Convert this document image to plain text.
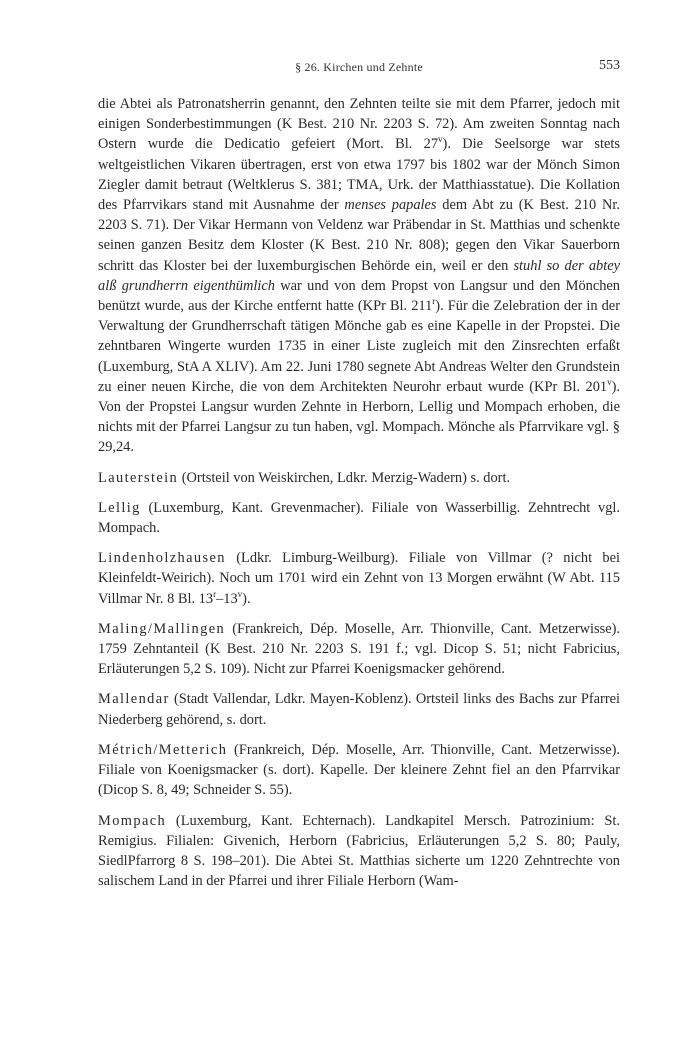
§ 26. Kirchen und Zehnte	553

die Abtei als Patronatsherrin genannt, den Zehnten teilte sie mit dem Pfarrer, jedoch mit einigen Sonderbestimmungen (K Best. 210 Nr. 2203 S. 72). Am zweiten Sonntag nach Ostern wurde die Dedicatio gefeiert (Mort. Bl. 27$^v$). Die Seelsorge war stets weltgeistlichen Vikaren übertragen, erst von etwa 1797 bis 1802 war der Mönch Simon Ziegler damit betraut (Weltklerus S. 381; TMA, Urk. der Matthiasstatue). Die Kollation des Pfarrvikars stand mit Ausnahme der menses papales dem Abt zu (K Best. 210 Nr. 2203 S. 71). Der Vikar Hermann von Veldenz war Präbendar in St. Matthias und schenkte seinen ganzen Besitz dem Kloster (K Best. 210 Nr. 808); gegen den Vikar Sauerborn schritt das Kloster bei der luxemburgischen Behörde ein, weil er den stuhl so der abtey alß grundherrn eigenthümlich war und von dem Propst von Langsur und den Mönchen benützt wurde, aus der Kirche entfernt hatte (KPr Bl. 211$^r$). Für die Zelebration der in der Verwaltung der Grundherrschaft tätigen Mönche gab es eine Kapelle in der Propstei. Die zehntbaren Wingerte wurden 1735 in einer Liste zugleich mit den Zinsrechten erfaßt (Luxemburg, StA A XLIV). Am 22. Juni 1780 segnete Abt Andreas Welter den Grundstein zu einer neuen Kirche, die von dem Architekten Neurohr erbaut wurde (KPr Bl. 201$^v$). Von der Propstei Langsur wurden Zehnte in Herborn, Lellig und Mompach erhoben, die nichts mit der Pfarrei Langsur zu tun haben, vgl. Mompach. Mönche als Pfarrvikare vgl. § 29,24.

Lauterstein (Ortsteil von Weiskirchen, Ldkr. Merzig-Wadern) s. dort.

Lellig (Luxemburg, Kant. Grevenmacher). Filiale von Wasserbillig. Zehntrecht vgl. Mompach.

Lindenholzhausen (Ldkr. Limburg-Weilburg). Filiale von Villmar (? nicht bei Kleinfeldt-Weirich). Noch um 1701 wird ein Zehnt von 13 Morgen erwähnt (W Abt. 115 Villmar Nr. 8 Bl. 13$^r$–13$^v$).

Maling/Mallingen (Frankreich, Dép. Moselle, Arr. Thionville, Cant. Metzerwisse). 1759 Zehntanteil (K Best. 210 Nr. 2203 S. 191 f.; vgl. Dicop S. 51; nicht Fabricius, Erläuterungen 5,2 S. 109). Nicht zur Pfarrei Koenigsmacker gehörend.

Mallendar (Stadt Vallendar, Ldkr. Mayen-Koblenz). Ortsteil links des Bachs zur Pfarrei Niederberg gehörend, s. dort.

Métrich/Metterich (Frankreich, Dép. Moselle, Arr. Thionville, Cant. Metzerwisse). Filiale von Koenigsmacker (s. dort). Kapelle. Der kleinere Zehnt fiel an den Pfarrvikar (Dicop S. 8, 49; Schneider S. 55).

Mompach (Luxemburg, Kant. Echternach). Landkapitel Mersch. Patrozinium: St. Remigius. Filialen: Givenich, Herborn (Fabricius, Erläuterungen 5,2 S. 80; Pauly, SiedlPfarrorg 8 S. 198–201). Die Abtei St. Matthias sicherte um 1220 Zehntrechte von salischem Land in der Pfarrei und ihrer Filiale Herborn (Wam-
